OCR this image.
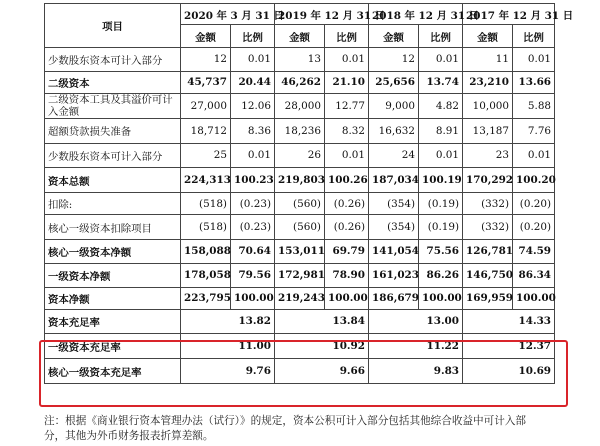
项目	2020 年 3 月 31 日		2019 年 12 月 31 日		2018 年 12 月 31 日		2017 年 12 月 31 日	
	金额	比例	金额	比例	金额	比例	金额	比例
少数股东资本可计入部分	12	0.01	13	0.01	12	0.01	11	0.01
二级资本	45,737	20.44	46,262	21.10	25,656	13.74	23,210	13.66
二级资本工具及其溢价可计入金额	27,000	12.06	28,000	12.77	9,000	4.82	10,000	5.88
超额贷款损失准备	18,712	8.36	18,236	8.32	16,632	8.91	13,187	7.76
少数股东资本可计入部分	25	0.01	26	0.01	24	0.01	23	0.01
资本总额	224,313	100.23	219,803	100.26	187,034	100.19	170,292	100.20
扣除:	(518)	(0.23)	(560)	(0.26)	(354)	(0.19)	(332)	(0.20)
核心一级资本扣除项目	(518)	(0.23)	(560)	(0.26)	(354)	(0.19)	(332)	(0.20)
核心一级资本净额	158,088	70.64	153,011	69.79	141,054	75.56	126,781	74.59
一级资本净额	178,058	79.56	172,981	78.90	161,023	86.26	146,750	86.34
资本净额	223,795	100.00	219,243	100.00	186,679	100.00	169,959	100.00
资本充足率	13.82		13.84		13.00		14.33	
一级资本充足率	11.00		10.92		11.22		12.37	
核心一级资本充足率	9.76		9.66		9.83		10.69	
注：根据《商业银行资本管理办法（试行）》的规定，资本公积可计入部分包括其他综合收益中可计入部
分，其他为外币财务报表折算差额。
